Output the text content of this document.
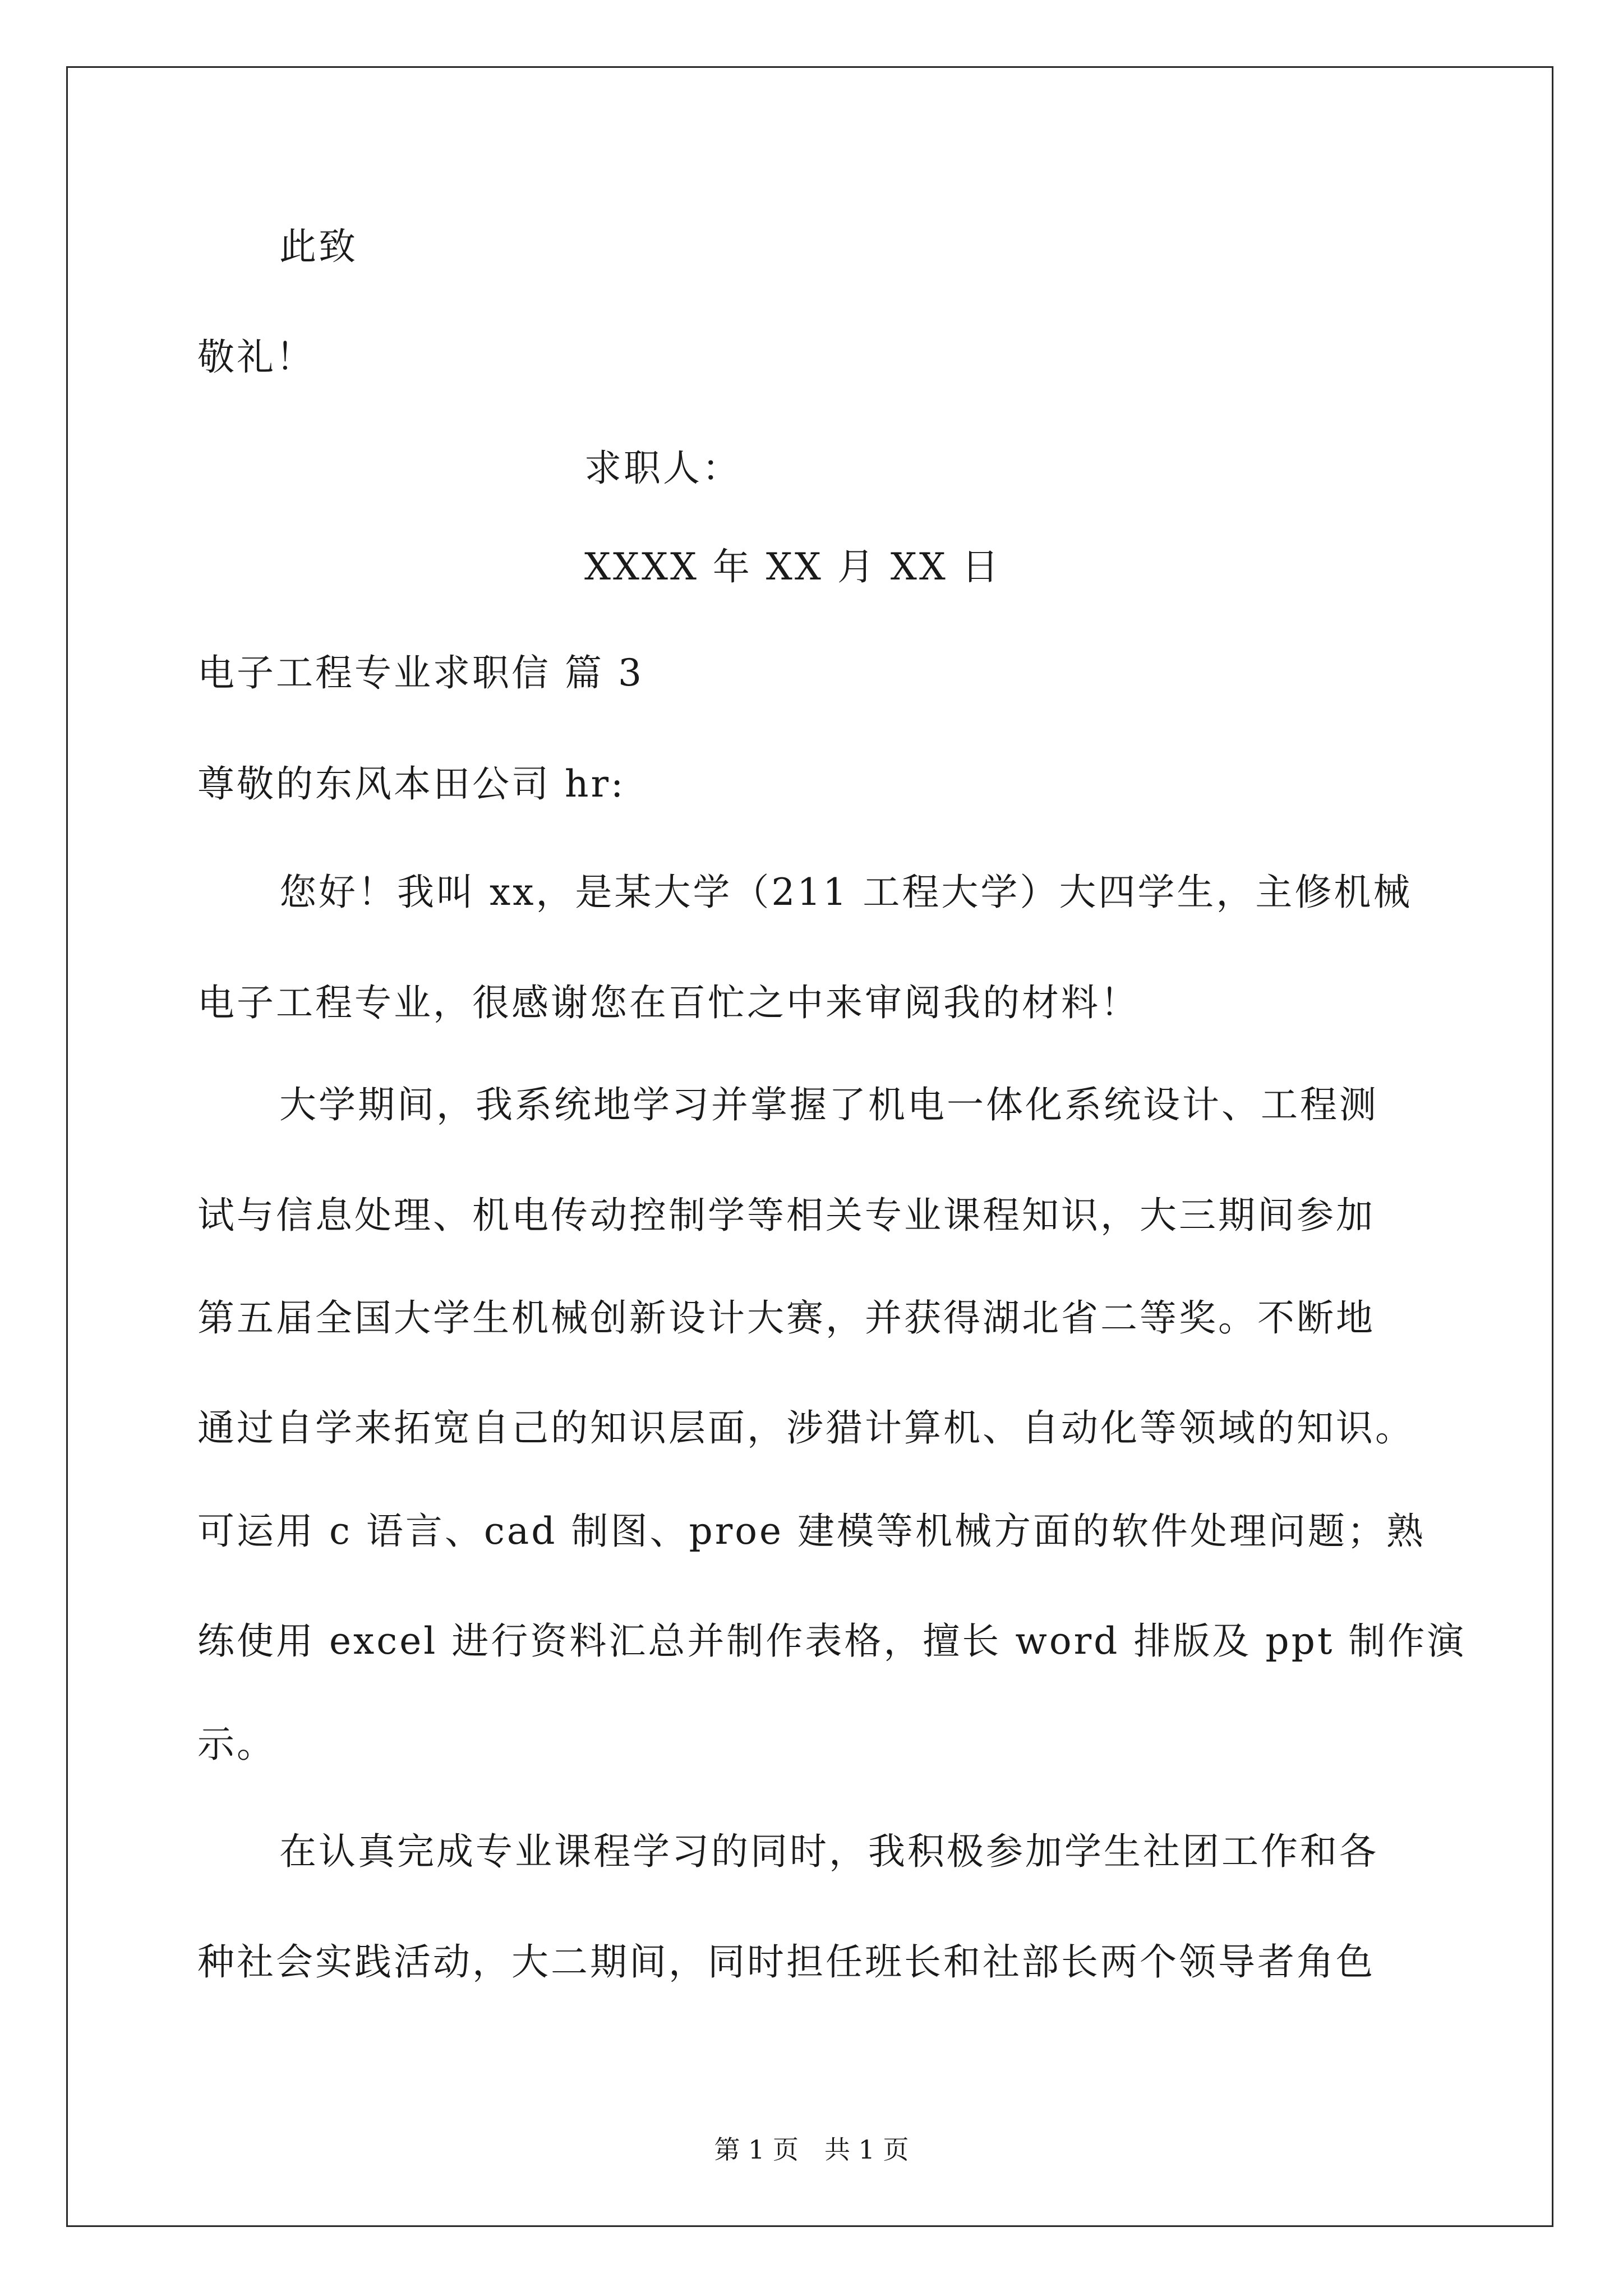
此致
敬礼！
求职人：
XXXX 年 XX 月 XX 日
电子工程专业求职信 篇 3
尊敬的东风本田公司 hr:
您好！我叫 xx，是某大学（211 工程大学）大四学生，主修机械
电子工程专业，很感谢您在百忙之中来审阅我的材料！
大学期间，我系统地学习并掌握了机电一体化系统设计、工程测
试与信息处理、机电传动控制学等相关专业课程知识，大三期间参加
第五届全国大学生机械创新设计大赛，并获得湖北省二等奖。不断地
通过自学来拓宽自己的知识层面，涉猎计算机、自动化等领域的知识。
可运用 c 语言、cad 制图、proe 建模等机械方面的软件处理问题；熟
练使用 excel 进行资料汇总并制作表格，擅长 word 排版及 ppt 制作演
示。
在认真完成专业课程学习的同时，我积极参加学生社团工作和各
种社会实践活动，大二期间，同时担任班长和社部长两个领导者角色
第 1 页　共 1 页
